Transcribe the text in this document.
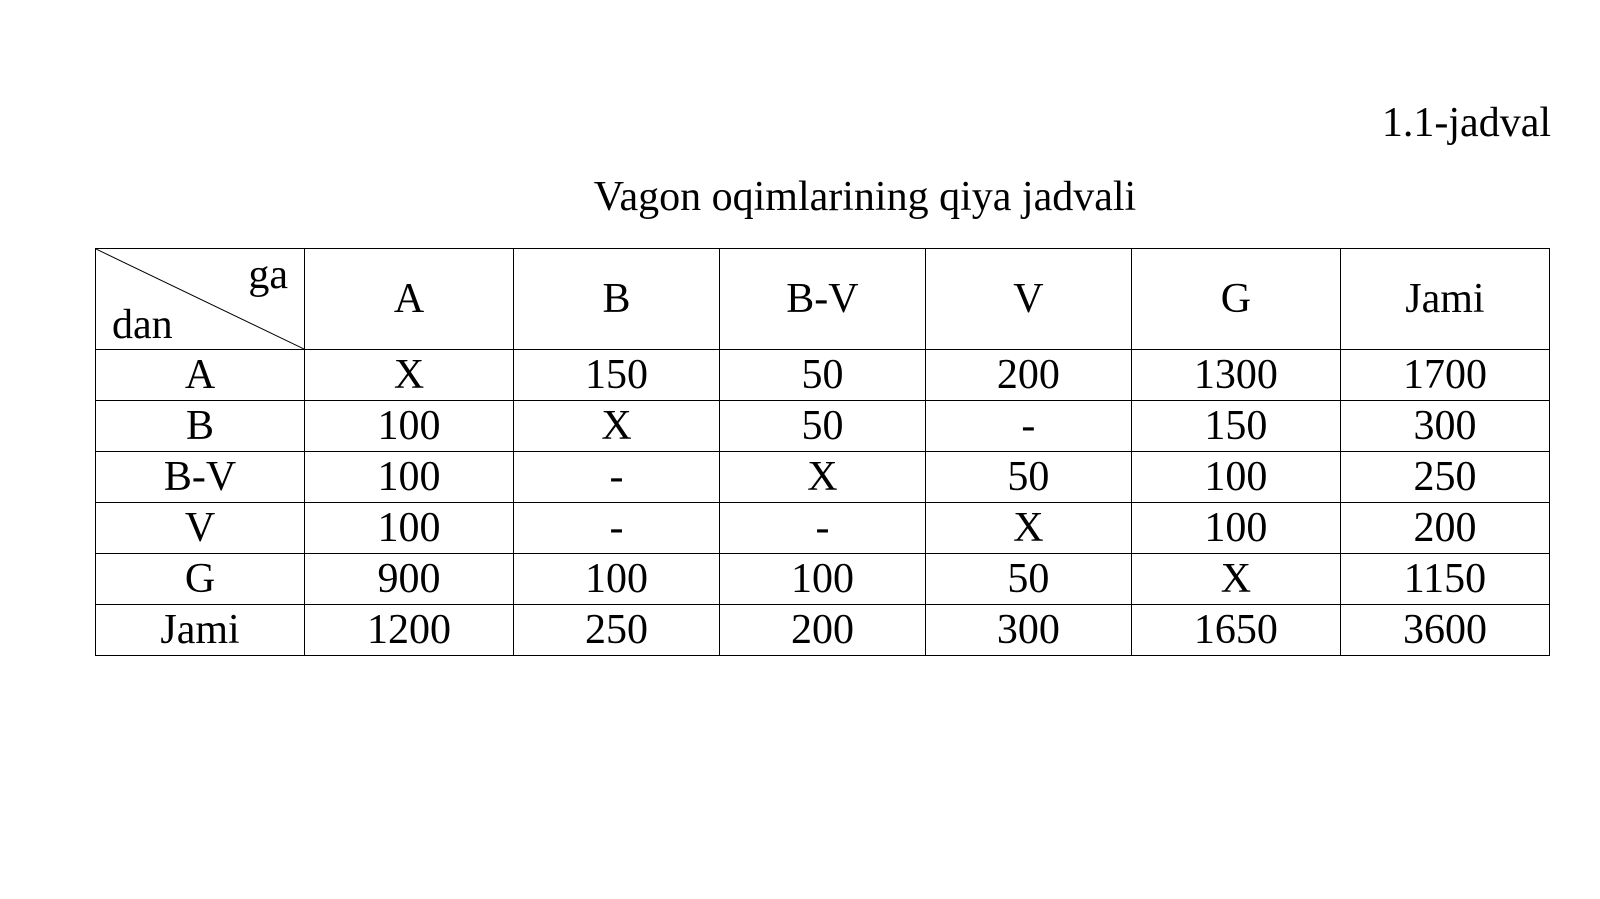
1.1-jadval
Vagon oqimlarining qiya jadvali
ga
dan	A	B	B-V	V	G	Jami
A	X	150	50	200	1300	1700
B	100	X	50	-	150	300
B-V	100	-	X	50	100	250
V	100	-	-	X	100	200
G	900	100	100	50	X	1150
Jami	1200	250	200	300	1650	3600
